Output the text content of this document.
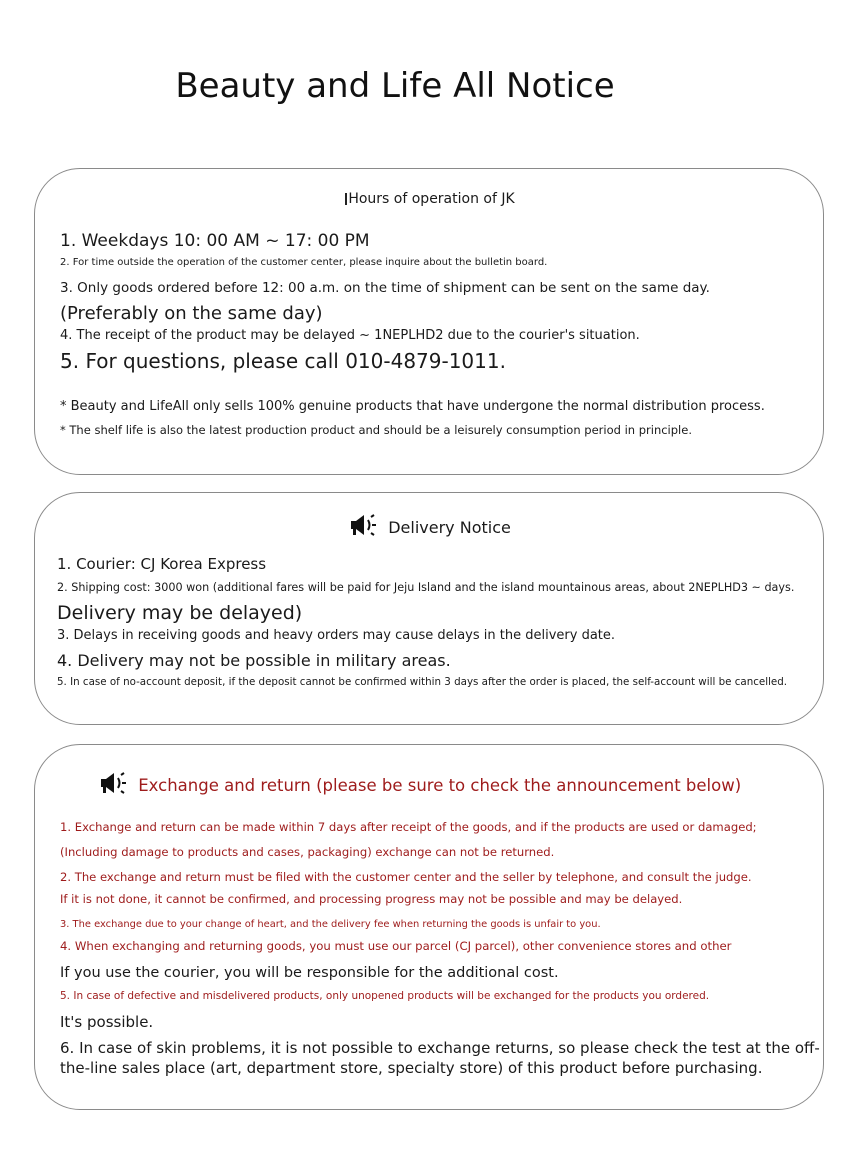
Beauty and Life All Notice
Hours of operation of JK
1. Weekdays 10: 00 AM ~ 17: 00 PM
2. For time outside the operation of the customer center, please inquire about the bulletin board.
3. Only goods ordered before 12: 00 a.m. on the time of shipment can be sent on the same day.
(Preferably on the same day)
4. The receipt of the product may be delayed ~ 1NEPLHD2 due to the courier's situation.
5. For questions, please call 010-4879-1011.
* Beauty and LifeAll only sells 100% genuine products that have undergone the normal distribution process.
* The shelf life is also the latest production product and should be a leisurely consumption period in principle.
Delivery Notice
1. Courier: CJ Korea Express
2. Shipping cost: 3000 won (additional fares will be paid for Jeju Island and the island mountainous areas, about 2NEPLHD3 ~ days.
Delivery may be delayed)
3. Delays in receiving goods and heavy orders may cause delays in the delivery date.
4. Delivery may not be possible in military areas.
5. In case of no-account deposit, if the deposit cannot be confirmed within 3 days after the order is placed, the self-account will be cancelled.
Exchange and return (please be sure to check the announcement below)
1. Exchange and return can be made within 7 days after receipt of the goods, and if the products are used or damaged;
(Including damage to products and cases, packaging) exchange can not be returned.
2. The exchange and return must be filed with the customer center and the seller by telephone, and consult the judge.
If it is not done, it cannot be confirmed, and processing progress may not be possible and may be delayed.
3. The exchange due to your change of heart, and the delivery fee when returning the goods is unfair to you.
4. When exchanging and returning goods, you must use our parcel (CJ parcel), other convenience stores and other
If you use the courier, you will be responsible for the additional cost.
5. In case of defective and misdelivered products, only unopened products will be exchanged for the products you ordered.
It's possible.
6. In case of skin problems, it is not possible to exchange returns, so please check the test at the off-
the-line sales place (art, department store, specialty store) of this product before purchasing.
